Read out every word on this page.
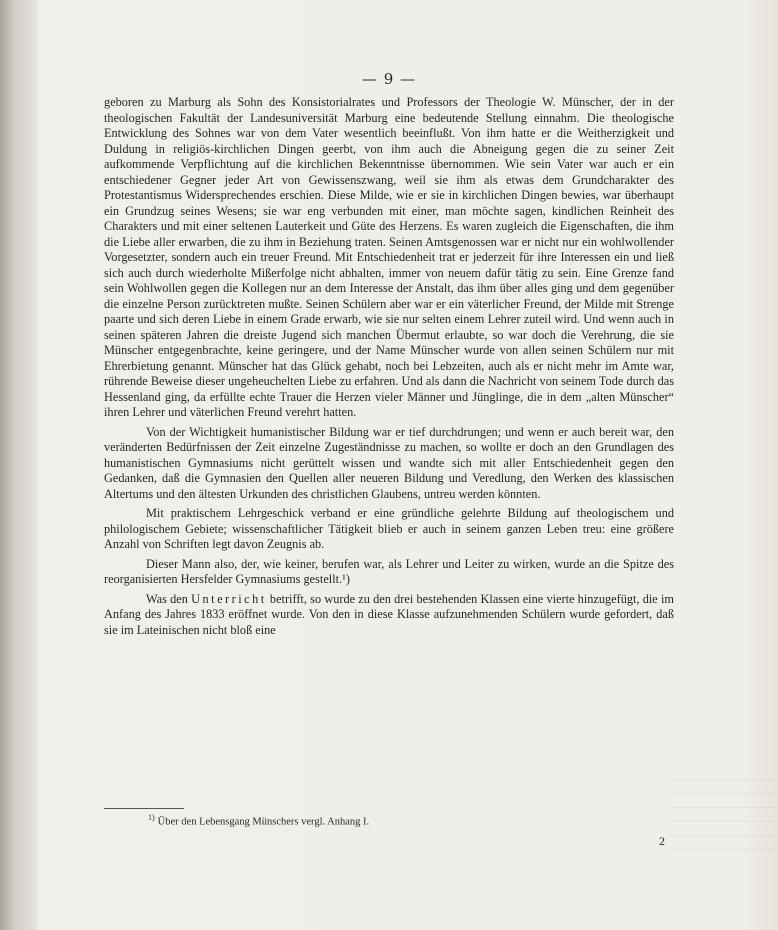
— 9 —

geboren zu Marburg als Sohn des Konsistorialrates und Professors der Theologie W. Münscher, der in der theologischen Fakultät der Landesuniversität Marburg eine bedeutende Stellung einnahm. Die theologische Entwicklung des Sohnes war von dem Vater wesentlich beeinflußt. Von ihm hatte er die Weitherzigkeit und Duldung in religiös-kirchlichen Dingen geerbt, von ihm auch die Abneigung gegen die zu seiner Zeit aufkommende Verpflichtung auf die kirchlichen Bekenntnisse übernommen. Wie sein Vater war auch er ein entschiedener Gegner jeder Art von Gewissenszwang, weil sie ihm als etwas dem Grundcharakter des Protestantismus Widersprechendes erschien. Diese Milde, wie er sie in kirchlichen Dingen bewies, war überhaupt ein Grundzug seines Wesens; sie war eng verbunden mit einer, man möchte sagen, kindlichen Reinheit des Charakters und mit einer seltenen Lauterkeit und Güte des Herzens. Es waren zugleich die Eigenschaften, die ihm die Liebe aller erwarben, die zu ihm in Beziehung traten. Seinen Amtsgenossen war er nicht nur ein wohlwollender Vorgesetzter, sondern auch ein treuer Freund. Mit Entschiedenheit trat er jederzeit für ihre Interessen ein und ließ sich auch durch wiederholte Mißerfolge nicht abhalten, immer von neuem dafür tätig zu sein. Eine Grenze fand sein Wohlwollen gegen die Kollegen nur an dem Interesse der Anstalt, das ihm über alles ging und dem gegenüber die einzelne Person zurücktreten mußte. Seinen Schülern aber war er ein väterlicher Freund, der Milde mit Strenge paarte und sich deren Liebe in einem Grade erwarb, wie sie nur selten einem Lehrer zuteil wird. Und wenn auch in seinen späteren Jahren die dreiste Jugend sich manchen Übermut erlaubte, so war doch die Verehrung, die sie Münscher entgegenbrachte, keine geringere, und der Name Münscher wurde von allen seinen Schülern nur mit Ehrerbietung genannt. Münscher hat das Glück gehabt, noch bei Lebzeiten, auch als er nicht mehr im Amte war, rührende Beweise dieser ungeheuchelten Liebe zu erfahren. Und als dann die Nachricht von seinem Tode durch das Hessenland ging, da erfüllte echte Trauer die Herzen vieler Männer und Jünglinge, die in dem „alten Münscher“ ihren Lehrer und väterlichen Freund verehrt hatten.

Von der Wichtigkeit humanistischer Bildung war er tief durchdrungen; und wenn er auch bereit war, den veränderten Bedürfnissen der Zeit einzelne Zugeständnisse zu machen, so wollte er doch an den Grundlagen des humanistischen Gymnasiums nicht gerüttelt wissen und wandte sich mit aller Entschiedenheit gegen den Gedanken, daß die Gymnasien den Quellen aller neueren Bildung und Veredlung, den Werken des klassischen Altertums und den ältesten Urkunden des christlichen Glaubens, untreu werden könnten.

Mit praktischem Lehrgeschick verband er eine gründliche gelehrte Bildung auf theologischem und philologischem Gebiete; wissenschaftlicher Tätigkeit blieb er auch in seinem ganzen Leben treu: eine größere Anzahl von Schriften legt davon Zeugnis ab.

Dieser Mann also, der, wie keiner, berufen war, als Lehrer und Leiter zu wirken, wurde an die Spitze des reorganisierten Hersfelder Gymnasiums gestellt.¹)

Was den Unterricht betrifft, so wurde zu den drei bestehenden Klassen eine vierte hinzugefügt, die im Anfang des Jahres 1833 eröffnet wurde. Von den in diese Klasse aufzunehmenden Schülern wurde gefordert, daß sie im Lateinischen nicht bloß eine

$^{1)}$ Über den Lebensgang Münschers vergl. Anhang I.
2
